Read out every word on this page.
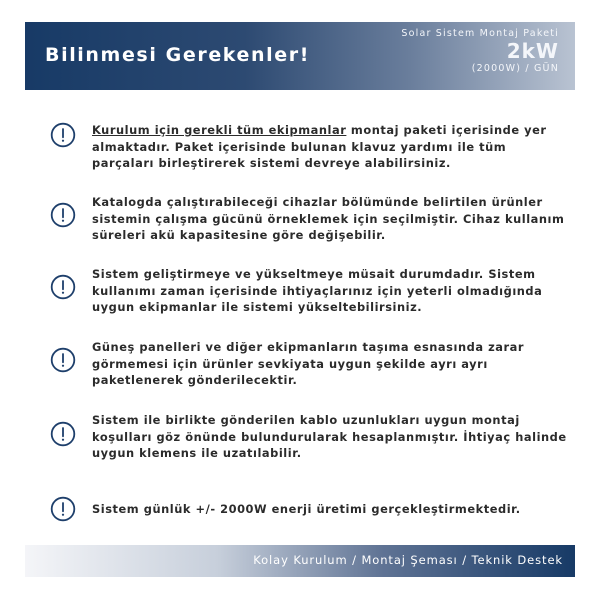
Bilinmesi Gerekenler!
Solar Sistem Montaj Paketi
2kW
(2000W) / GÜN
Kurulum için gerekli tüm ekipmanlar montaj paketi içerisinde yer almaktadır. Paket içerisinde bulunan klavuz yardımı ile tüm parçaları birleştirerek sistemi devreye alabilirsiniz.
Katalogda çalıştırabileceği cihazlar bölümünde belirtilen ürünler sistemin çalışma gücünü örneklemek için seçilmiştir. Cihaz kullanım süreleri akü kapasitesine göre değişebilir.
Sistem geliştirmeye ve yükseltmeye müsait durumdadır. Sistem kullanımı zaman içerisinde ihtiyaçlarınız için yeterli olmadığında uygun ekipmanlar ile sistemi yükseltebilirsiniz.
Güneş panelleri ve diğer ekipmanların taşıma esnasında zarar görmemesi için ürünler sevkiyata uygun şekilde ayrı ayrı paketlenerek gönderilecektir.
Sistem ile birlikte gönderilen kablo uzunlukları uygun montaj koşulları göz önünde bulundurularak hesaplanmıştır. İhtiyaç halinde uygun klemens ile uzatılabilir.
Sistem günlük +/- 2000W enerji üretimi gerçekleştirmektedir.
Kolay Kurulum / Montaj Şeması / Teknik Destek
